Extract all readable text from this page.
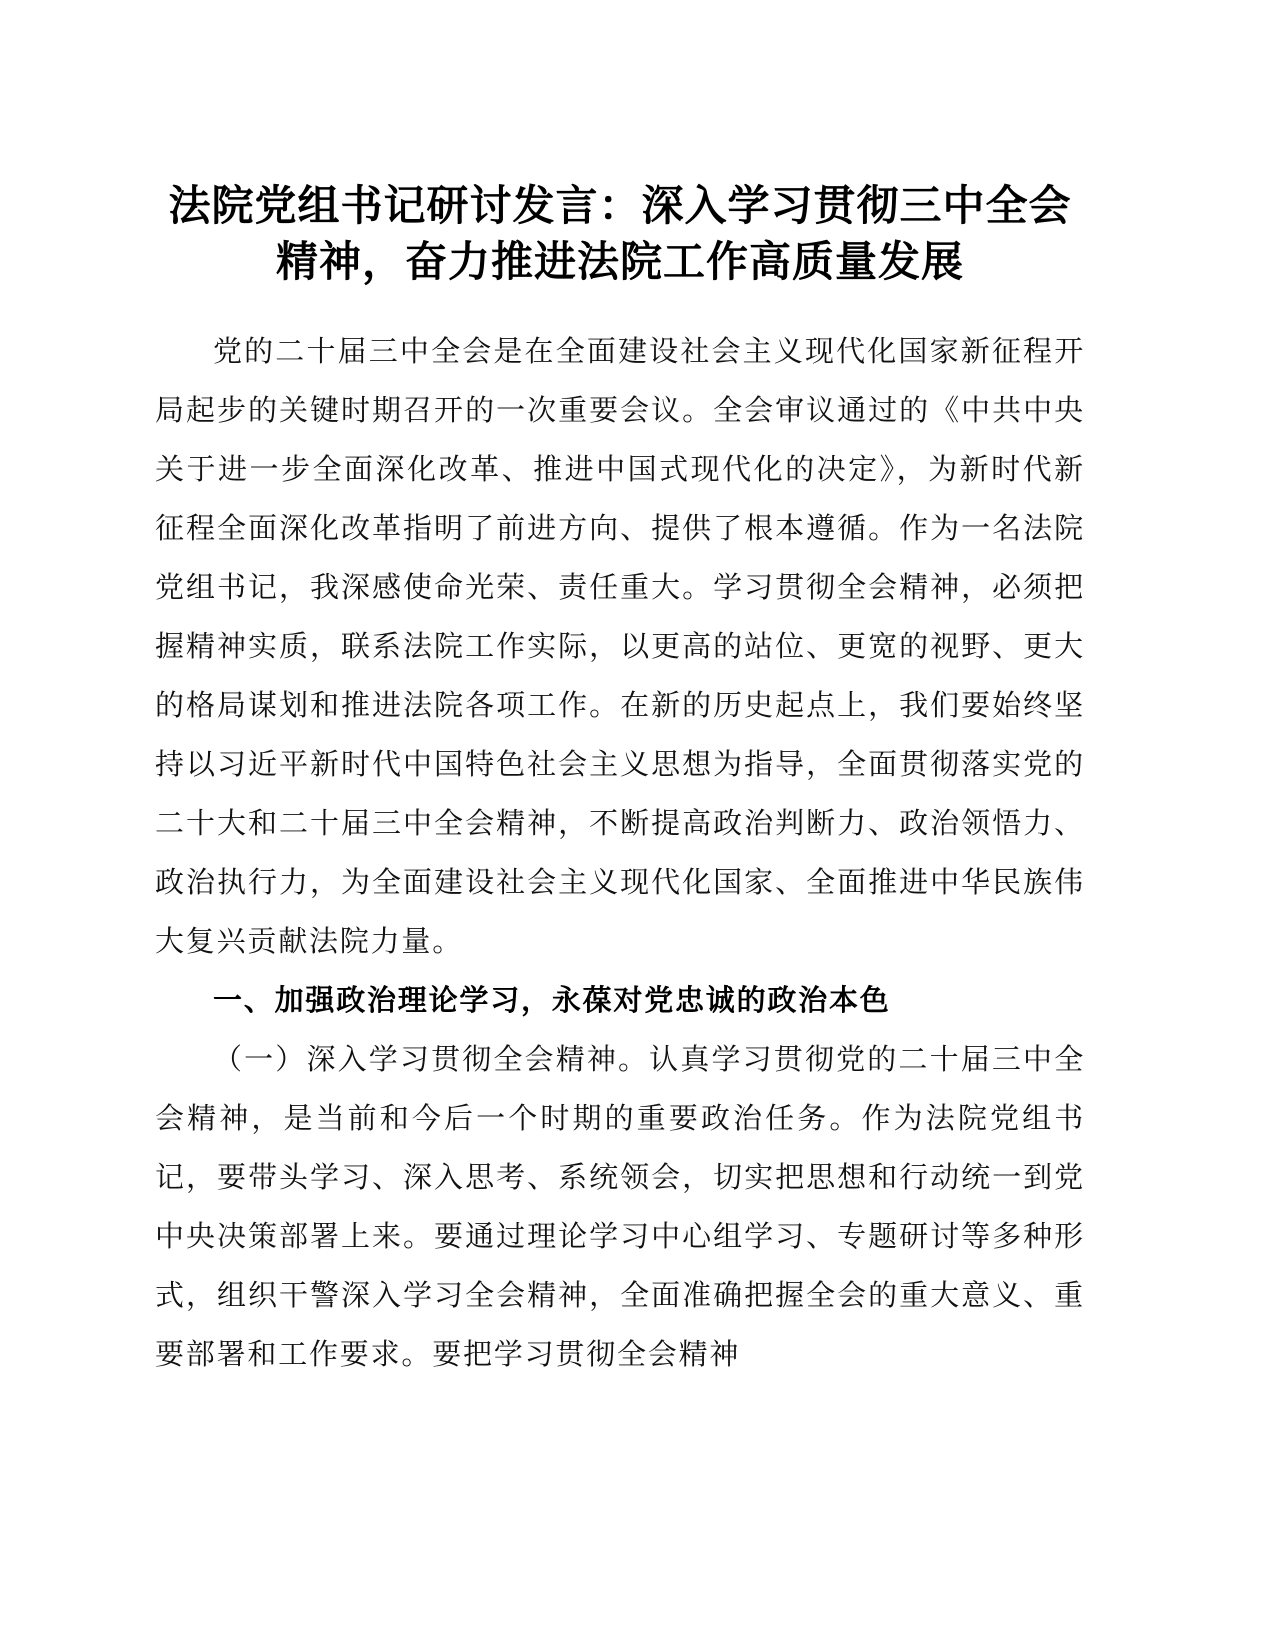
法院党组书记研讨发言：深入学习贯彻三中全会精神，奋力推进法院工作高质量发展

党的二十届三中全会是在全面建设社会主义现代化国家新征程开局起步的关键时期召开的一次重要会议。全会审议通过的《中共中央关于进一步全面深化改革、推进中国式现代化的决定》，为新时代新征程全面深化改革指明了前进方向、提供了根本遵循。作为一名法院党组书记，我深感使命光荣、责任重大。学习贯彻全会精神，必须把握精神实质，联系法院工作实际，以更高的站位、更宽的视野、更大的格局谋划和推进法院各项工作。在新的历史起点上，我们要始终坚持以习近平新时代中国特色社会主义思想为指导，全面贯彻落实党的二十大和二十届三中全会精神，不断提高政治判断力、政治领悟力、政治执行力，为全面建设社会主义现代化国家、全面推进中华民族伟大复兴贡献法院力量。

一、加强政治理论学习，永葆对党忠诚的政治本色

（一）深入学习贯彻全会精神。认真学习贯彻党的二十届三中全会精神，是当前和今后一个时期的重要政治任务。作为法院党组书记，要带头学习、深入思考、系统领会，切实把思想和行动统一到党中央决策部署上来。要通过理论学习中心组学习、专题研讨等多种形式，组织干警深入学习全会精神，全面准确把握全会的重大意义、重要部署和工作要求。要把学习贯彻全会精神
